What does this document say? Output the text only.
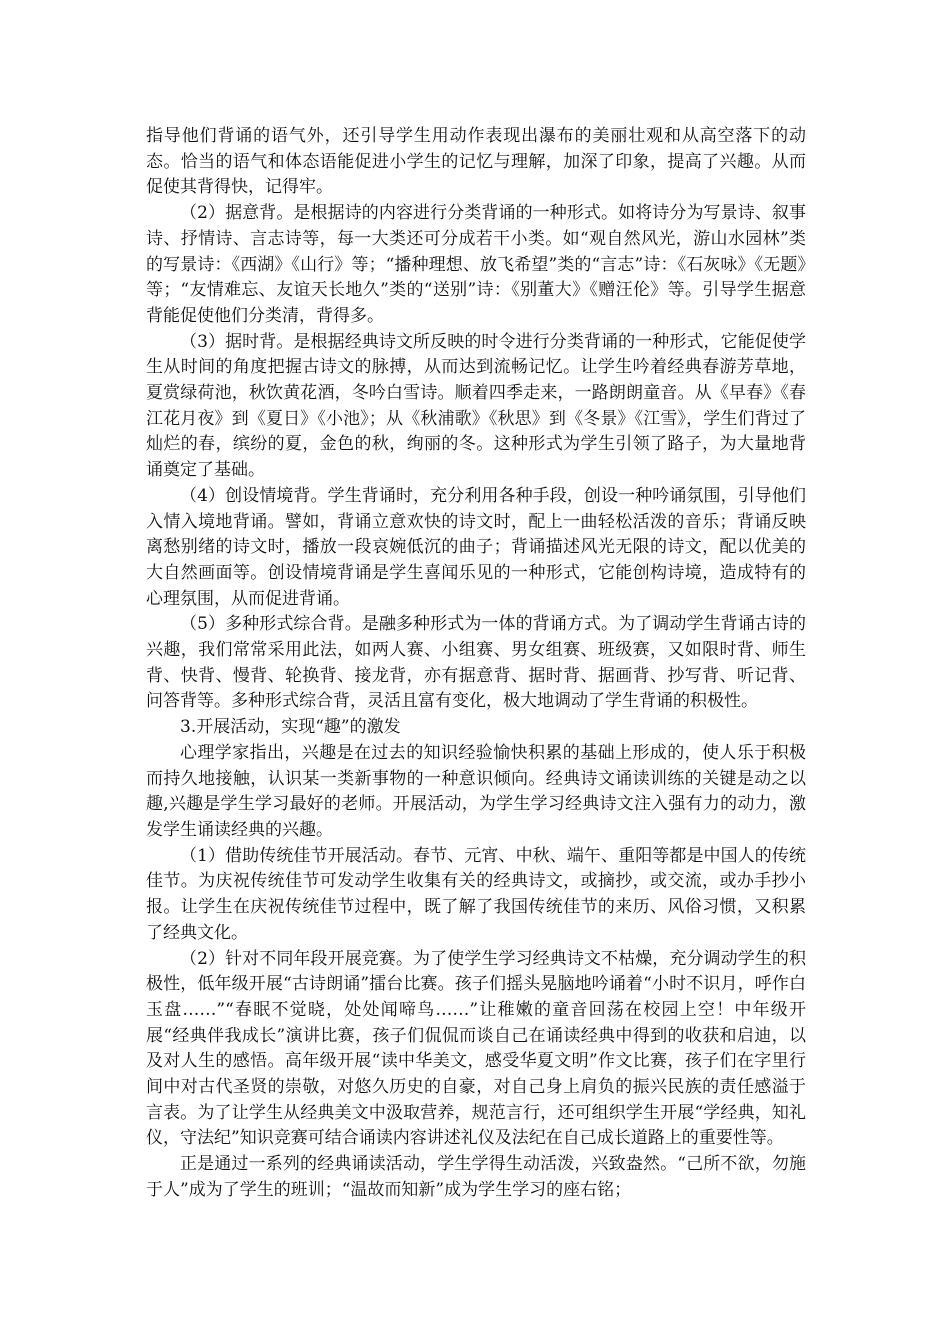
指导他们背诵的语气外，还引导学生用动作表现出瀑布的美丽壮观和从高空落下的动态。恰当的语气和体态语能促进小学生的记忆与理解，加深了印象，提高了兴趣。从而促使其背得快，记得牢。

（2）据意背。是根据诗的内容进行分类背诵的一种形式。如将诗分为写景诗、叙事诗、抒情诗、言志诗等，每一大类还可分成若干小类。如“观自然风光，游山水园林”类的写景诗：《西湖》《山行》等；“播种理想、放飞希望”类的“言志”诗：《石灰咏》《无题》等；“友情难忘、友谊天长地久”类的“送别”诗：《别董大》《赠汪伦》等。引导学生据意背能促使他们分类清，背得多。

（3）据时背。是根据经典诗文所反映的时令进行分类背诵的一种形式，它能促使学生从时间的角度把握古诗文的脉搏，从而达到流畅记忆。让学生吟着经典春游芳草地，夏赏绿荷池，秋饮黄花酒，冬吟白雪诗。顺着四季走来，一路朗朗童音。从《早春》《春江花月夜》到《夏日》《小池》；从《秋浦歌》《秋思》到《冬景》《江雪》，学生们背过了灿烂的春，缤纷的夏，金色的秋，绚丽的冬。这种形式为学生引领了路子，为大量地背诵奠定了基础。

（4）创设情境背。学生背诵时，充分利用各种手段，创设一种吟诵氛围，引导他们入情入境地背诵。譬如，背诵立意欢快的诗文时，配上一曲轻松活泼的音乐；背诵反映离愁别绪的诗文时，播放一段哀婉低沉的曲子；背诵描述风光无限的诗文，配以优美的大自然画面等。创设情境背诵是学生喜闻乐见的一种形式，它能创构诗境，造成特有的心理氛围，从而促进背诵。

（5）多种形式综合背。是融多种形式为一体的背诵方式。为了调动学生背诵古诗的兴趣，我们常常采用此法，如两人赛、小组赛、男女组赛、班级赛，又如限时背、师生背、快背、慢背、轮换背、接龙背，亦有据意背、据时背、据画背、抄写背、听记背、问答背等。多种形式综合背，灵活且富有变化，极大地调动了学生背诵的积极性。

3.开展活动，实现“趣”的激发

心理学家指出，兴趣是在过去的知识经验愉快积累的基础上形成的，使人乐于积极而持久地接触，认识某一类新事物的一种意识倾向。经典诗文诵读训练的关键是动之以趣,兴趣是学生学习最好的老师。开展活动，为学生学习经典诗文注入强有力的动力，激发学生诵读经典的兴趣。

（1）借助传统佳节开展活动。春节、元宵、中秋、端午、重阳等都是中国人的传统佳节。为庆祝传统佳节可发动学生收集有关的经典诗文，或摘抄，或交流，或办手抄小报。让学生在庆祝传统佳节过程中，既了解了我国传统佳节的来历、风俗习惯，又积累了经典文化。

（2）针对不同年段开展竞赛。为了使学生学习经典诗文不枯燥，充分调动学生的积极性，低年级开展“古诗朗诵”擂台比赛。孩子们摇头晃脑地吟诵着“小时不识月，呼作白玉盘……”“春眠不觉晓，处处闻啼鸟……”让稚嫩的童音回荡在校园上空！中年级开展“经典伴我成长”演讲比赛，孩子们侃侃而谈自己在诵读经典中得到的收获和启迪，以及对人生的感悟。高年级开展“读中华美文，感受华夏文明”作文比赛，孩子们在字里行间中对古代圣贤的崇敬，对悠久历史的自豪，对自己身上肩负的振兴民族的责任感溢于言表。为了让学生从经典美文中汲取营养，规范言行，还可组织学生开展“学经典，知礼仪，守法纪”知识竞赛可结合诵读内容讲述礼仪及法纪在自己成长道路上的重要性等。

正是通过一系列的经典诵读活动，学生学得生动活泼，兴致盎然。“己所不欲，勿施于人”成为了学生的班训；“温故而知新”成为学生学习的座右铭；
